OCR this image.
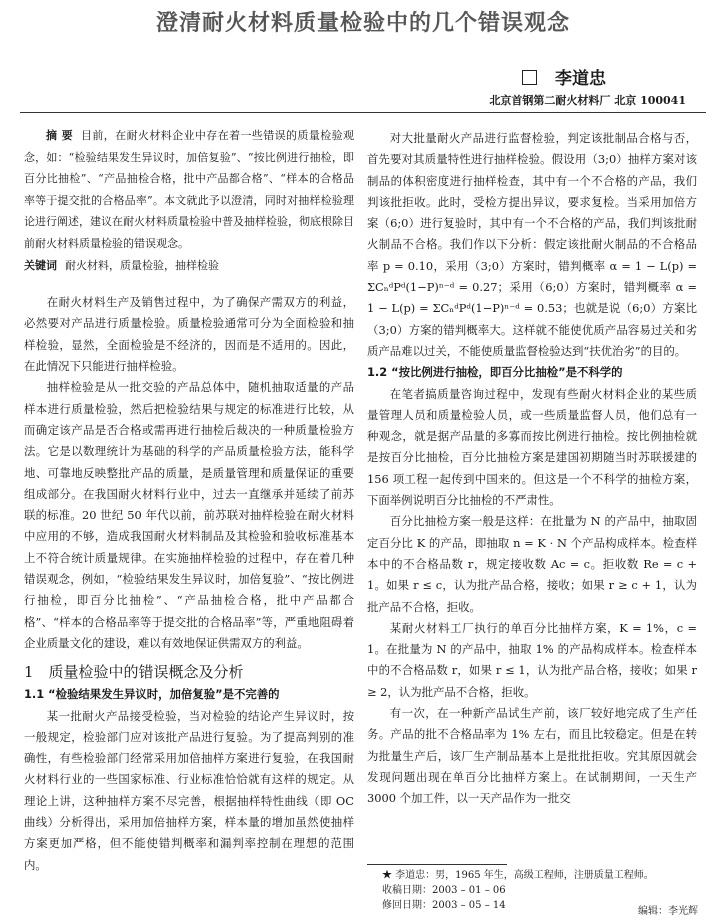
澄清耐火材料质量检验中的几个错误观念
李道忠
北京首钢第二耐火材料厂 北京 100041

摘 要 目前，在耐火材料企业中存在着一些错误的质量检验观念，如：“检验结果发生异议时，加倍复验”、“按比例进行抽检，即百分比抽检”、“产品抽检合格，批中产品都合格”、“样本的合格品率等于提交批的合格品率”。本文就此予以澄清，同时对抽样检验理论进行阐述，建议在耐火材料质量检验中普及抽样检验，彻底根除目前耐火材料质量检验的错误观念。

关键词 耐火材料，质量检验，抽样检验

在耐火材料生产及销售过程中，为了确保产需双方的利益，必然要对产品进行质量检验。质量检验通常可分为全面检验和抽样检验，显然，全面检验是不经济的，因而是不适用的。因此，在此情况下只能进行抽样检验。

抽样检验是从一批交验的产品总体中，随机抽取适量的产品样本进行质量检验，然后把检验结果与规定的标准进行比较，从而确定该产品是否合格或需再进行抽检后裁决的一种质量检验方法。它是以数理统计为基础的科学的产品质量检验方法，能科学地、可靠地反映整批产品的质量，是质量管理和质量保证的重要组成部分。在我国耐火材料行业中，过去一直继承并延续了前苏联的标准。20 世纪 50 年代以前，前苏联对抽样检验在耐火材料中应用的不够，造成我国耐火材料制品及其检验和验收标准基本上不符合统计质量规律。在实施抽样检验的过程中，存在着几种错误观念，例如，“检验结果发生异议时，加倍复验”、“按比例进行抽检，即百分比抽检”、“产品抽检合格，批中产品都合格”、“样本的合格品率等于提交批的合格品率”等，严重地阻碍着企业质量文化的建设，难以有效地保证供需双方的利益。

1　质量检验中的错误概念及分析
1.1 “检验结果发生异议时，加倍复验”是不完善的

某一批耐火产品接受检验，当对检验的结论产生异议时，按一般规定，检验部门应对该批产品进行复验。为了提高判别的准确性，有些检验部门经常采用加倍抽样方案进行复验，在我国耐火材料行业的一些国家标准、行业标准恰恰就有这样的规定。从理论上讲，这种抽样方案不尽完善，根据抽样特性曲线（即 OC 曲线）分析得出，采用加倍抽样方案，样本量的增加虽然使抽样方案更加严格，但不能使错判概率和漏判率控制在理想的范围内。

对大批量耐火产品进行监督检验，判定该批制品合格与否，首先要对其质量特性进行抽样检验。假设用（3;0）抽样方案对该制品的体积密度进行抽样检查，其中有一个不合格的产品，我们判该批拒收。此时，受检方提出异议，要求复检。当采用加倍方案（6;0）进行复验时，其中有一个不合格的产品，我们判该批耐火制品不合格。我们作以下分析：假定该批耐火制品的不合格品率 p = 0.10，采用（3;0）方案时，错判概率 α = 1 − L(p) = ΣCₙᵈPᵈ(1−P)ⁿ⁻ᵈ = 0.27；采用（6;0）方案时，错判概率 α = 1 − L(p) = ΣCₙᵈPᵈ(1−P)ⁿ⁻ᵈ = 0.53；也就是说（6;0）方案比（3;0）方案的错判概率大。这样就不能使优质产品容易过关和劣质产品难以过关，不能使质量监督检验达到“扶优治劣”的目的。

1.2 “按比例进行抽检，即百分比抽检”是不科学的

在笔者搞质量咨询过程中，发现有些耐火材料企业的某些质量管理人员和质量检验人员，或一些质量监督人员，他们总有一种观念，就是据产品量的多寡而按比例进行抽检。按比例抽检就是按百分比抽检，百分比抽检方案是建国初期随当时苏联援建的 156 项工程一起传到中国来的。但这是一个不科学的抽检方案，下面举例说明百分比抽检的不严肃性。

百分比抽检方案一般是这样：在批量为 N 的产品中，抽取固定百分比 K 的产品，即抽取 n = K · N 个产品构成样本。检查样本中的不合格品数 r，规定接收数 Ac = c。拒收数 Re = c + 1。如果 r ≤ c，认为批产品合格，接收；如果 r ≥ c + 1，认为批产品不合格，拒收。

某耐火材料工厂执行的单百分比抽样方案，K = 1%，c = 1。在批量为 N 的产品中，抽取 1% 的产品构成样本。检查样本中的不合格品数 r，如果 r ≤ 1，认为批产品合格，接收；如果 r ≥ 2，认为批产品不合格，拒收。

有一次，在一种新产品试生产前，该厂较好地完成了生产任务。产品的批不合格品率为 1% 左右，而且比较稳定。但是在转为批量生产后，该厂生产制品基本上是批批拒收。究其原因就会发现问题出现在单百分比抽样方案上。在试制期间，一天生产 3000 个加工件，以一天产品作为一批交

★ 李道忠：男，1965 年生，高级工程师，注册质量工程师。
收稿日期：2003 – 01 – 06
修回日期：2003 – 05 – 14
编辑：李光辉
